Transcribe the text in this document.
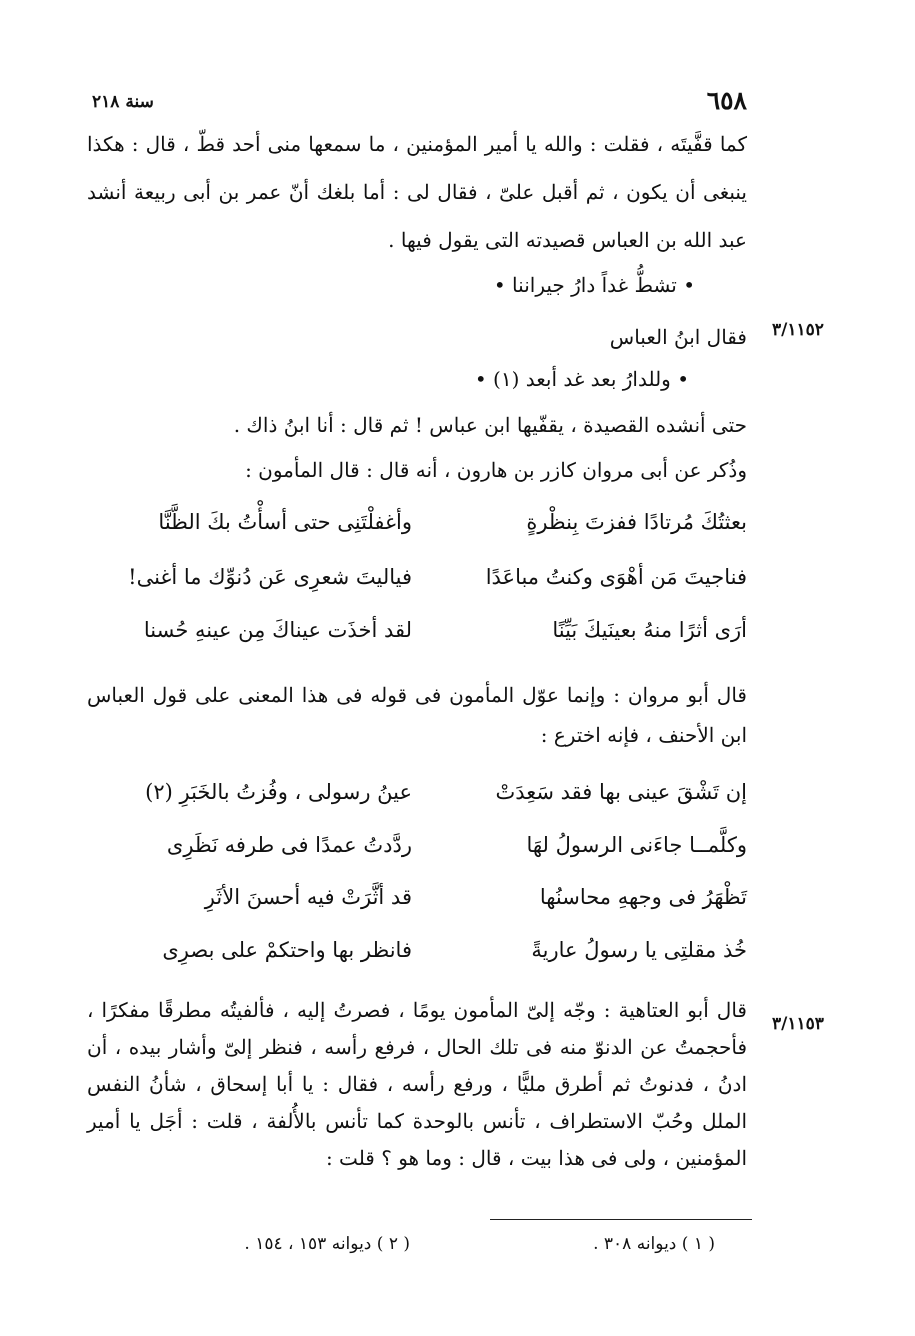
٦٥٨
سنة ٢١٨
كما قفَّيتَه ، فقلت : والله يا أمير المؤمنين ، ما سمعها منى أحد قطّ ، قال : هكذا ينبغى أن يكون ، ثم أقبل علىّ ، فقال لى : أما بلغك أنّ عمر بن أبى ربيعة أنشد عبد الله بن العباس قصيدته التى يقول فيها .
• تشطُّ غداً دارُ جيراننا •
٣/١١٥٢
فقال ابنُ العباس
• وللدارُ بعد غد أبعد (١) •
حتى أنشده القصيدة ، يقفّيها ابن عباس ! ثم قال : أنا ابنُ ذاك .
وذُكر عن أبى مروان كازر بن هارون ، أنه قال : قال المأمون :
بعثتُكَ مُرتادًا ففزتَ بِنظْرةٍ
وأغفلْتَنِى حتى أسأْتُ بكَ الظَّنَّا
فناجيتَ مَن أهْوَى وكنتُ مباعَدًا
فياليتَ شعرِى عَن دُنوِّك ما أغنى!
أرَى أثرًا منهُ بعينَيكَ بَيِّنًا
لقد أخذَت عيناكَ مِن عينهِ حُسنا
قال أبو مروان : وإنما عوّل المأمون فى قوله فى هذا المعنى على قول العباس ابن الأحنف ، فإنه اخترع :
إن تَشْقَ عينى بها فقد سَعِدَتْ
عينُ رسولى ، وفُزتُ بالخَبَرِ (٢)
وكلَّمــا جاءَنى الرسولُ لهَا
ردَّدتُ عمدًا فى طرفه نَظَرِى
تَظْهَرُ فى وجههِ محاسنُها
قد أثَّرَتْ فيه أحسنَ الأثَرِ
خُذ مقلتِى يا رسولُ عاريةً
فانظر بها واحتكمْ على بصرِى
٣/١١٥٣
قال أبو العتاهية : وجّه إلىّ المأمون يومًا ، فصرتُ إليه ، فألفيتُه مطرقًا مفكرًا ، فأحجمتُ عن الدنوّ منه فى تلك الحال ، فرفع رأسه ، فنظر إلىّ وأشار بيده ، أن ادنُ ، فدنوتُ ثم أطرق مليًّا ، ورفع رأسه ، فقال : يا أبا إسحاق ، شأنُ النفس الملل وحُبّ الاستطراف ، تأنس بالوحدة كما تأنس بالأُلفة ، قلت : أجَل يا أمير المؤمنين ، ولى فى هذا بيت ، قال : وما هو ؟ قلت :
( ١ ) ديوانه ٣٠٨ .
( ٢ ) ديوانه ١٥٣ ، ١٥٤ .
